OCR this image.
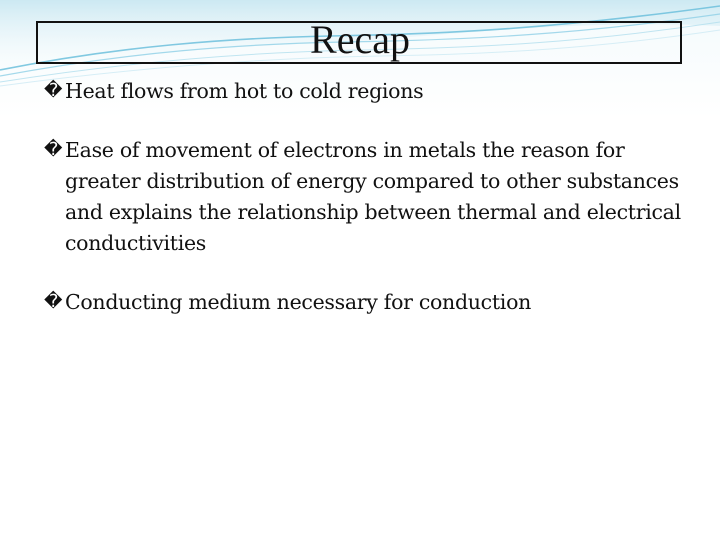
Recap
� Heat flows from hot to cold regions
� Ease of movement of electrons in metals the reason for greater distribution of energy compared to other substances and explains the relationship between thermal and electrical conductivities
� Conducting medium necessary for conduction
